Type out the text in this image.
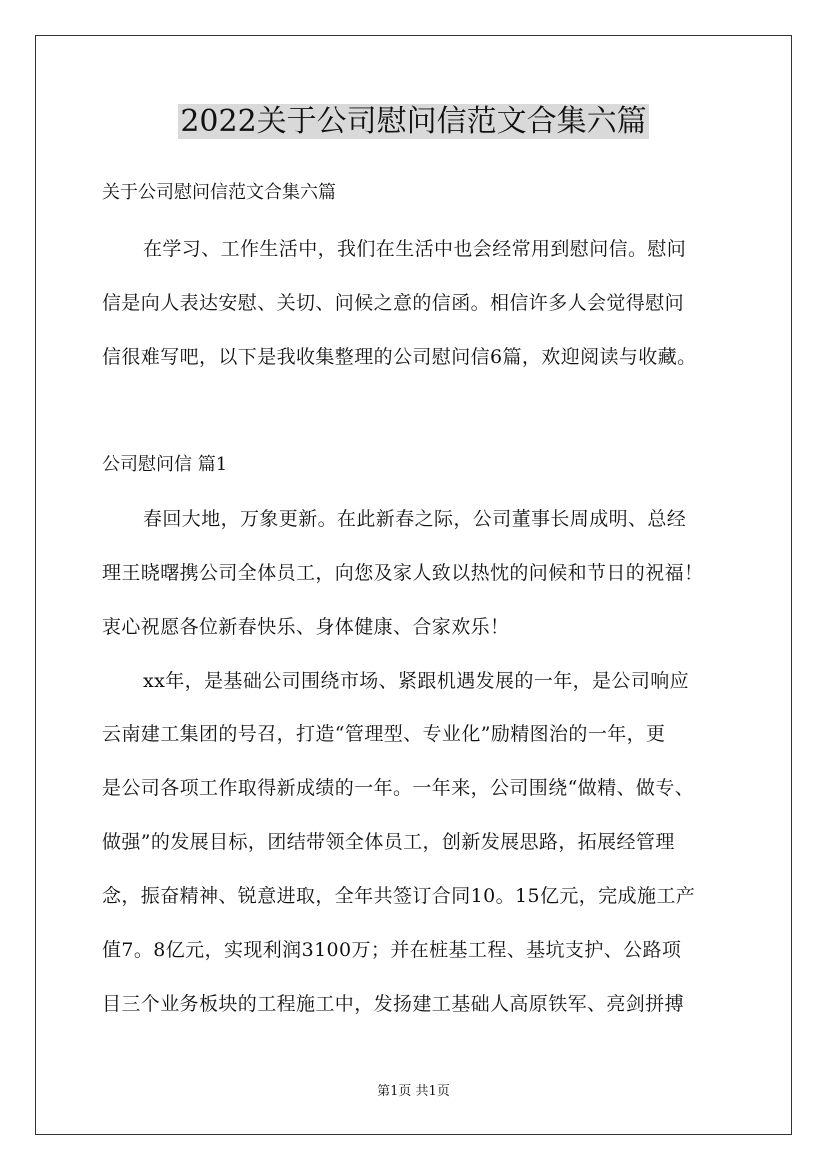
2022关于公司慰问信范文合集六篇
关于公司慰问信范文合集六篇
在学习、工作生活中，我们在生活中也会经常用到慰问信。慰问
信是向人表达安慰、关切、问候之意的信函。相信许多人会觉得慰问
信很难写吧，以下是我收集整理的公司慰问信6篇，欢迎阅读与收藏。
公司慰问信 篇1
春回大地，万象更新。在此新春之际，公司董事长周成明、总经
理王晓曙携公司全体员工，向您及家人致以热忱的问候和节日的祝福！
衷心祝愿各位新春快乐、身体健康、合家欢乐！
xx年，是基础公司围绕市场、紧跟机遇发展的一年，是公司响应
云南建工集团的号召，打造“管理型、专业化”励精图治的一年，更
是公司各项工作取得新成绩的一年。一年来，公司围绕“做精、做专、
做强”的发展目标，团结带领全体员工，创新发展思路，拓展经管理
念，振奋精神、锐意进取，全年共签订合同10。15亿元，完成施工产
值7。8亿元，实现利润3100万；并在桩基工程、基坑支护、公路项
目三个业务板块的工程施工中，发扬建工基础人高原铁军、亮剑拼搏
第1页 共1页
